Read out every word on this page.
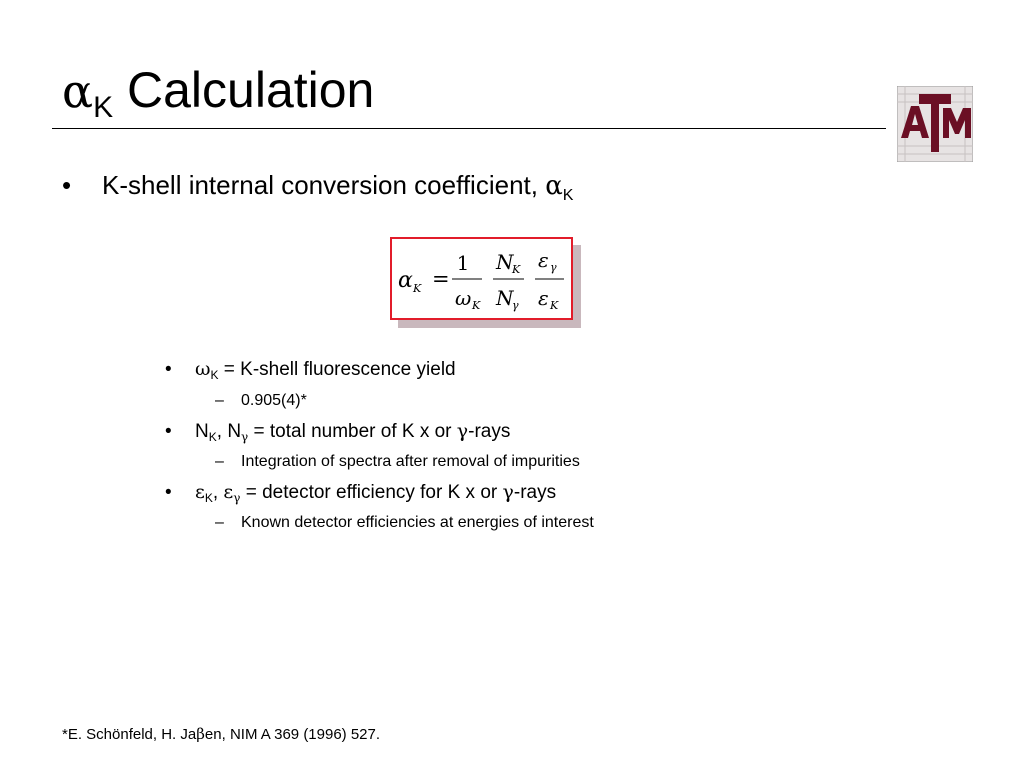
$\alpha_K$ Calculation
• K-shell internal conversion coefficient, $\alpha_K$
α K =
1
ω K
N
K
N
γ
ε γ
ε K
• $\omega_K$ = K-shell fluorescence yield
– 0.905(4)*
• $N_K$, $N_\gamma$ = total number of K x or γ-rays
– Integration of spectra after removal of impurities
• $\varepsilon_K$, $\varepsilon_\gamma$ = detector efficiency for K x or γ-rays
– Known detector efficiencies at energies of interest
*E. Schönfeld, H. Jaβen, NIM A 369 (1996) 527.
